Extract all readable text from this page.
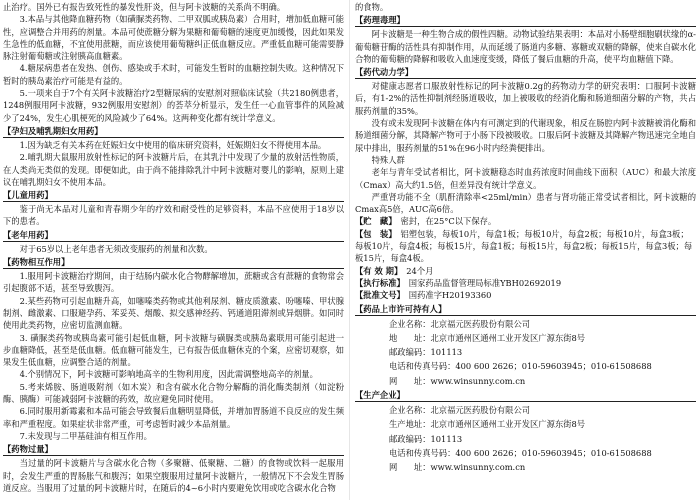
止治疗。国外已有报告致死性的暴发性肝炎，但与阿卡波糖的关系尚不明确。

3.本品与其他降血糖药物（如磺脲类药物、二甲双胍或胰岛素）合用时，增加低血糖可能性，应调整合并用药的剂量。本品可使蔗糖分解为果糖和葡萄糖的速度更加缓慢，因此如果发生急性的低血糖，不宜使用蔗糖，而应该使用葡萄糖纠正低血糖反应。严重低血糖可能需要静脉注射葡萄糖或注射胰高血糖素。

4.糖尿病患者在发热、创伤、感染或手术时，可能发生暂时的血糖控制失败。这种情况下暂时的胰岛素治疗可能是有益的。

5.一项来自于7个有关阿卡波糖治疗2型糖尿病的安慰剂对照临床试验（共2180例患者，1248例服用阿卡波糖，932例服用安慰剂）的荟萃分析显示，发生任一心血管事件的风险减少了24%，发生心肌梗死的风险减少了64%。这两种变化都有统计学意义。

【孕妇及哺乳期妇女用药】

1.因为缺乏有关本药在妊娠妇女中使用的临床研究资料，妊娠期妇女不得使用本品。

2.哺乳期大鼠服用放射性标记的阿卡波糖片后，在其乳汁中发现了少量的放射活性物质，在人类尚无类似的发现。即便如此，由于尚不能排除乳汁中阿卡波糖对婴儿的影响，原则上建议在哺乳期妇女不使用本品。

【儿童用药】

鉴于尚无本品对儿童和青春期少年的疗效和耐受性的足够资料，本品不应使用于18岁以下的患者。

【老年用药】

对于65岁以上老年患者无须改变服药的剂量和次数。

【药物相互作用】

1.服用阿卡波糖治疗期间，由于结肠内碳水化合物酵解增加，蔗糖或含有蔗糖的食物常会引起腹部不适，甚至导致腹泻。

2.某些药物可引起血糖升高，如噻嗪类药物或其他利尿剂、糖皮质激素、吩噻嗪、甲状腺制剂、雌激素、口服避孕药、苯妥英、烟酸、拟交感神经药、钙通道阻滞剂或异烟肼。如同时使用此类药物，应密切监测血糖。

3. 磺脲类药物或胰岛素可能引起低血糖，阿卡波糖与磺脲类或胰岛素联用可能引起进一步血糖降低，甚至是低血糖。低血糖可能发生，已有报告低血糖休克的个案，应密切观察，如果发生低血糖，应调整合适的剂量。

4.个别情况下，阿卡波糖可影响地高辛的生物利用度，因此需调整地高辛的剂量。

5.考来烯胺、肠道吸附剂（如木炭）和含有碳水化合物分解酶的消化酶类制剂（如淀粉酶、胰酶）可能减弱阿卡波糖的药效，故应避免同时使用。

6.同时服用新霉素和本品可能会导致餐后血糖明显降低，并增加胃肠道不良反应的发生频率和严重程度。如果症状非常严重，可考虑暂时减少本品剂量。

7.未发现与二甲基硅油有相互作用。

【药物过量】

当过量的阿卡波糖片与含碳水化合物（多聚糖、低聚糖、二糖）的食物或饮料一起服用时，会发生严重的胃肠胀气和腹泻；如果空腹服用过量阿卡波糖片，一般情况下不会发生胃肠道反应。当服用了过量的阿卡波糖片时，在随后的4~6小时内要避免饮用或吃含碳水化合物

的食物。

【药理毒理】

阿卡波糖是一种生物合成的假性四糖。动物试验结果表明：本品对小肠壁细胞刷状缘的α-葡萄糖苷酶的活性具有抑制作用，从而延缓了肠道内多糖、寡糖或双糖的降解，使来自碳水化合物的葡萄糖的降解和吸收入血速度变缓，降低了餐后血糖的升高，使平均血糖值下降。

【药代动力学】

对健康志愿者口服放射性标记的阿卡波糖0.2g的药物动力学的研究表明：口服阿卡波糖后，有1-2%的活性抑制剂经肠道吸收，加上被吸收的经消化酶和肠道细菌分解的产物，共占服药剂量的35%。

没有或未发现阿卡波糖在体内有可测定到的代谢现象，相反在肠腔内阿卡波糖被消化酶和肠道细菌分解，其降解产物可于小肠下段被吸收。口服后阿卡波糖及其降解产物迅速完全地自尿中排出，服药剂量的51%在96小时内经粪便排出。

特殊人群

老年与青年受试者相比，阿卡波糖稳态时血药浓度时间曲线下面积（AUC）和最大浓度（Cmax）高大约1.5倍，但差异没有统计学意义。

严重肾功能不全（肌酐清除率<25ml/min）患者与肾功能正常受试者相比，阿卡波糖的Cmax高5倍，AUC高6倍。

【贮　藏】 密封，在25°C以下保存。
【包　装】 铝塑包装，每板10片，每盒1板；每板10片，每盒2板；每板10片，每盒3板；每板10片，每盒4板；每板15片，每盒1板；每板15片，每盒2板；每板15片，每盒3板；每板15片，每盒4板。
【有 效 期】 24个月
【执行标准】 国家药品监督管理局标准YBH02692019
【批准文号】 国药准字H20193360
【药品上市许可持有人】

企业名称：北京福元医药股份有限公司

地　　址：北京市通州区通州工业开发区广源东街8号

邮政编码：101113

电话和传真号码：400 600 2626；010-59603945；010-61508688

网　　址：www.winsunny.com.cn

【生产企业】

企业名称：北京福元医药股份有限公司

生产地址：北京市通州区通州工业开发区广源东街8号

邮政编码：101113

电话和传真号码：400 600 2626；010-59603945；010-61508688

网　　址：www.winsunny.com.cn
